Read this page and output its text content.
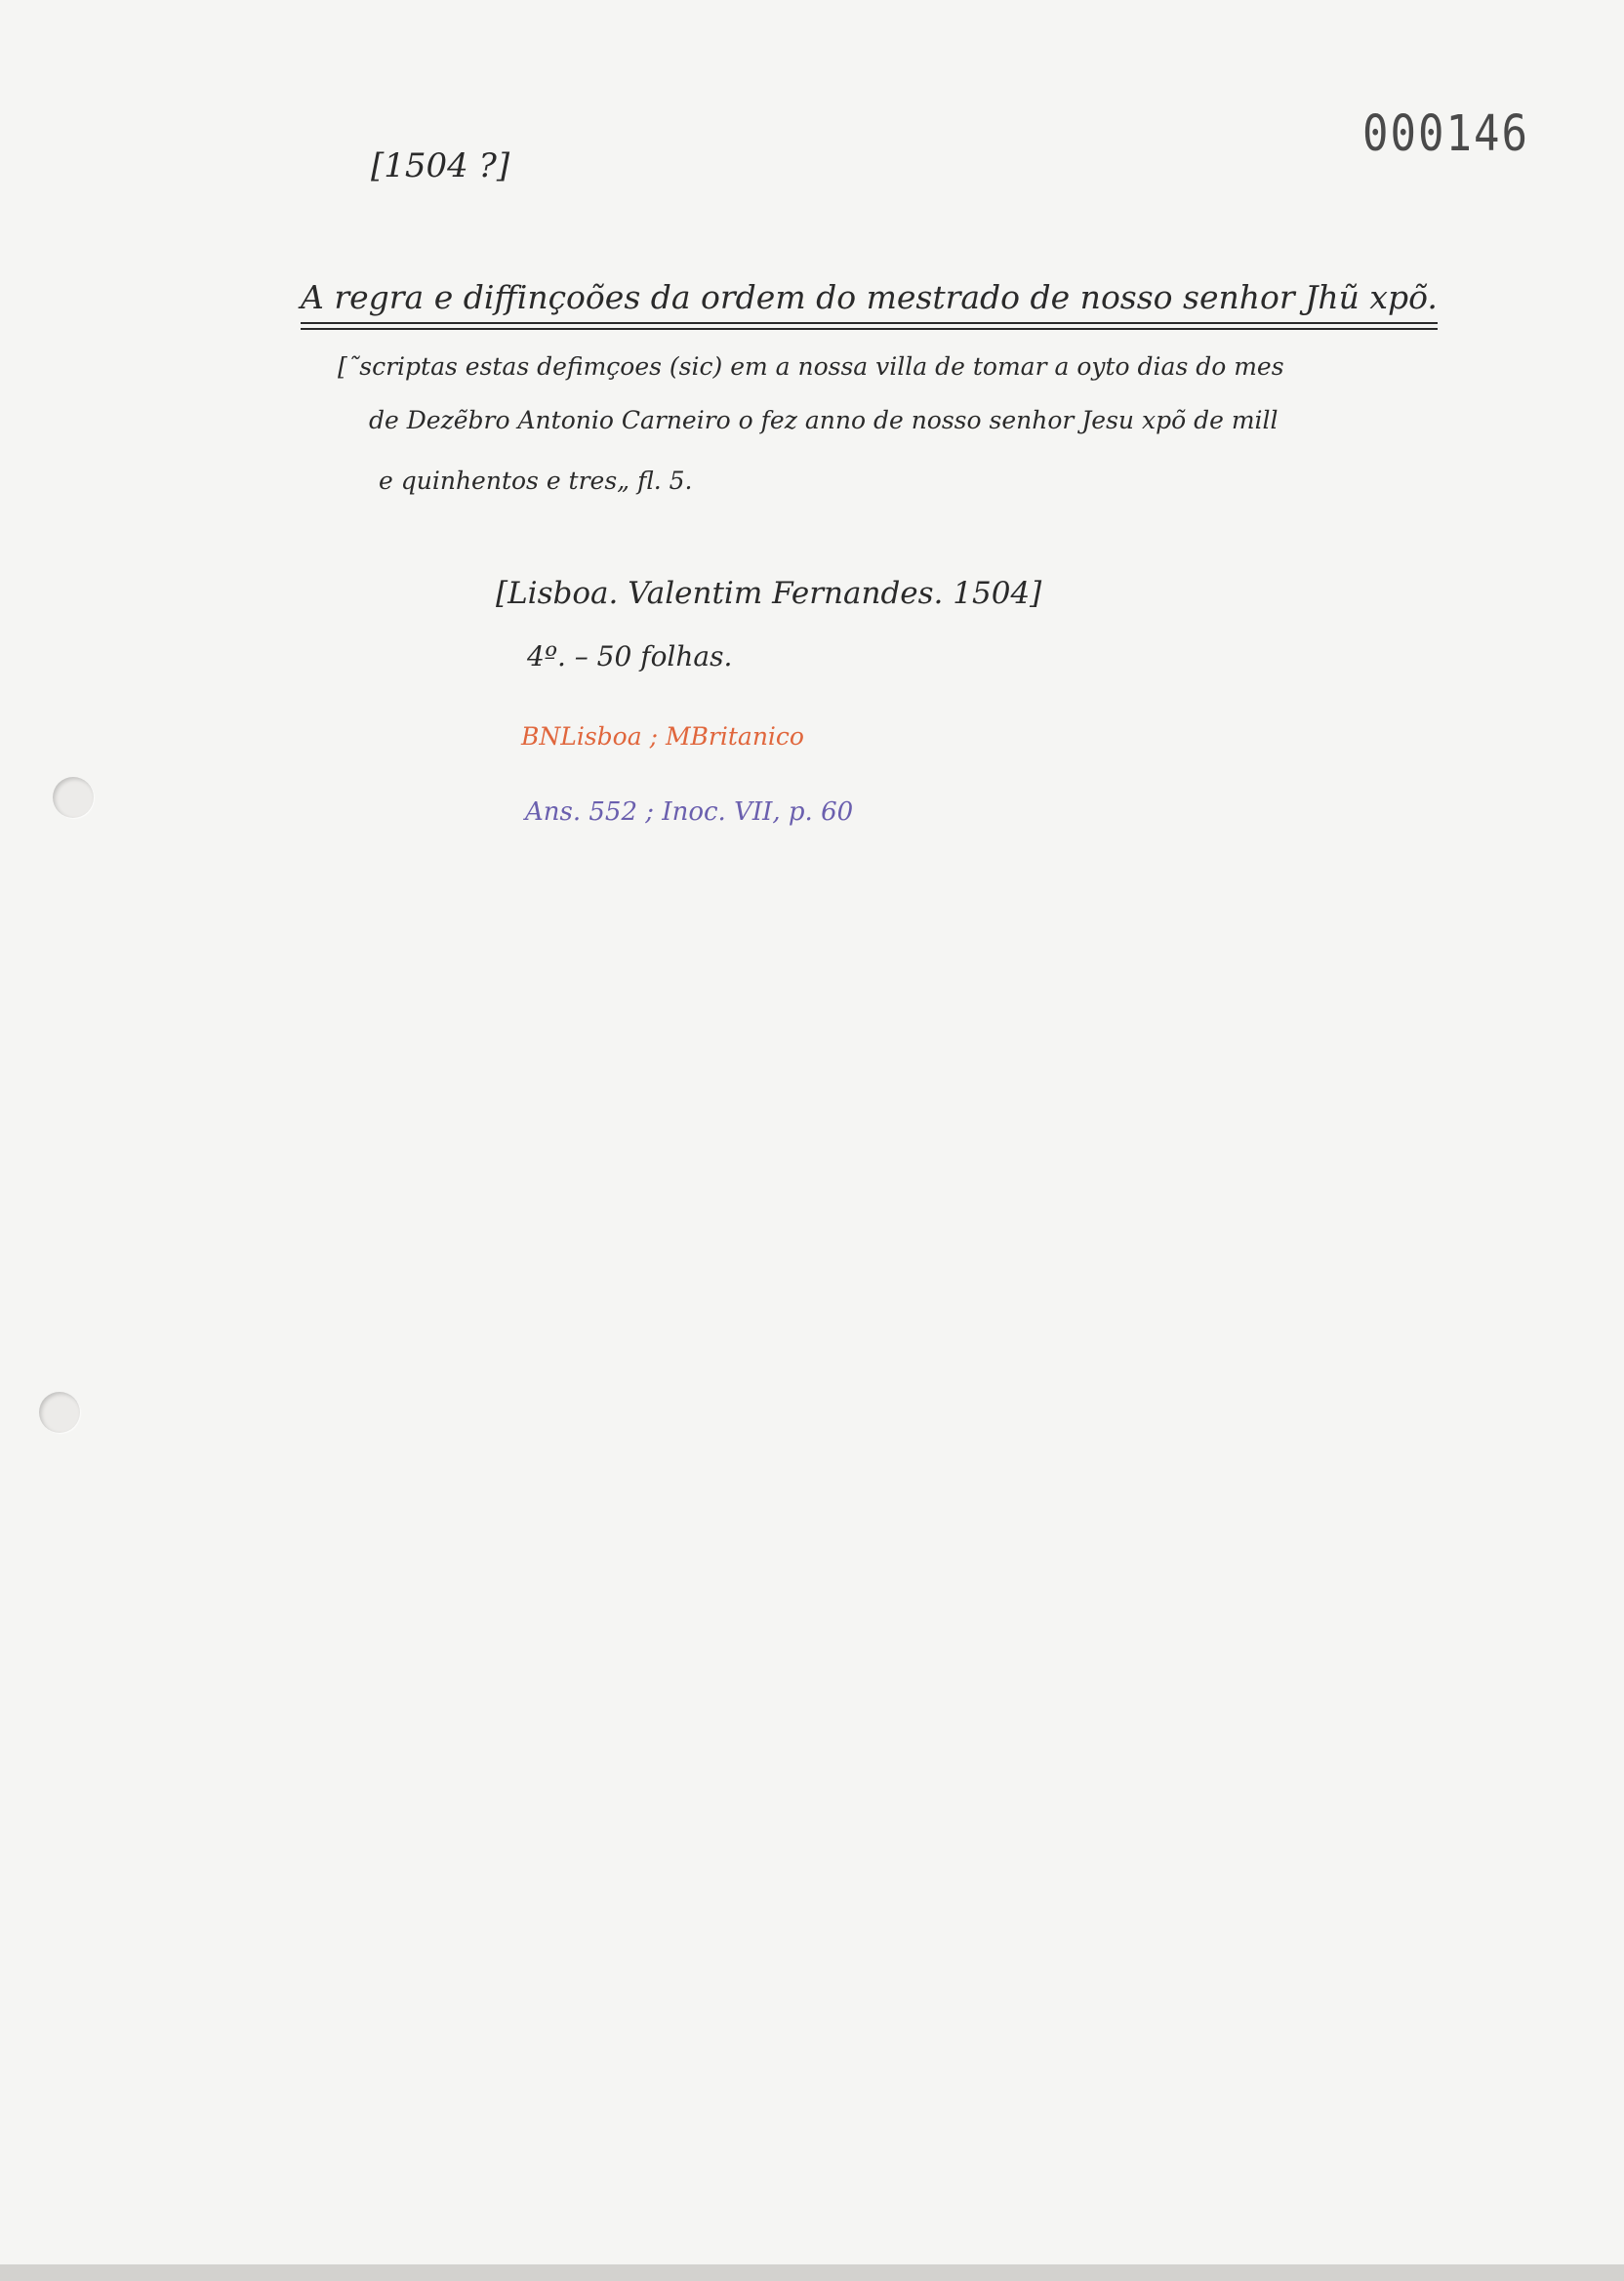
000146
[1504 ?]
A regra e diffinçoões da ordem do mestrado de nosso senhor Jhũ xpõ.
[˜scriptas estas defimçoes (sic) em a nossa villa de tomar a oyto dias do mes
de Dezẽbro Antonio Carneiro o fez anno de nosso senhor Jesu xpõ de mill
e quinhentos e tres„ fl. 5.
[Lisboa. Valentim Fernandes. 1504]
4º. – 50 folhas.
BNLisboa ; MBritanico
Ans. 552 ; Inoc. VII, p. 60
